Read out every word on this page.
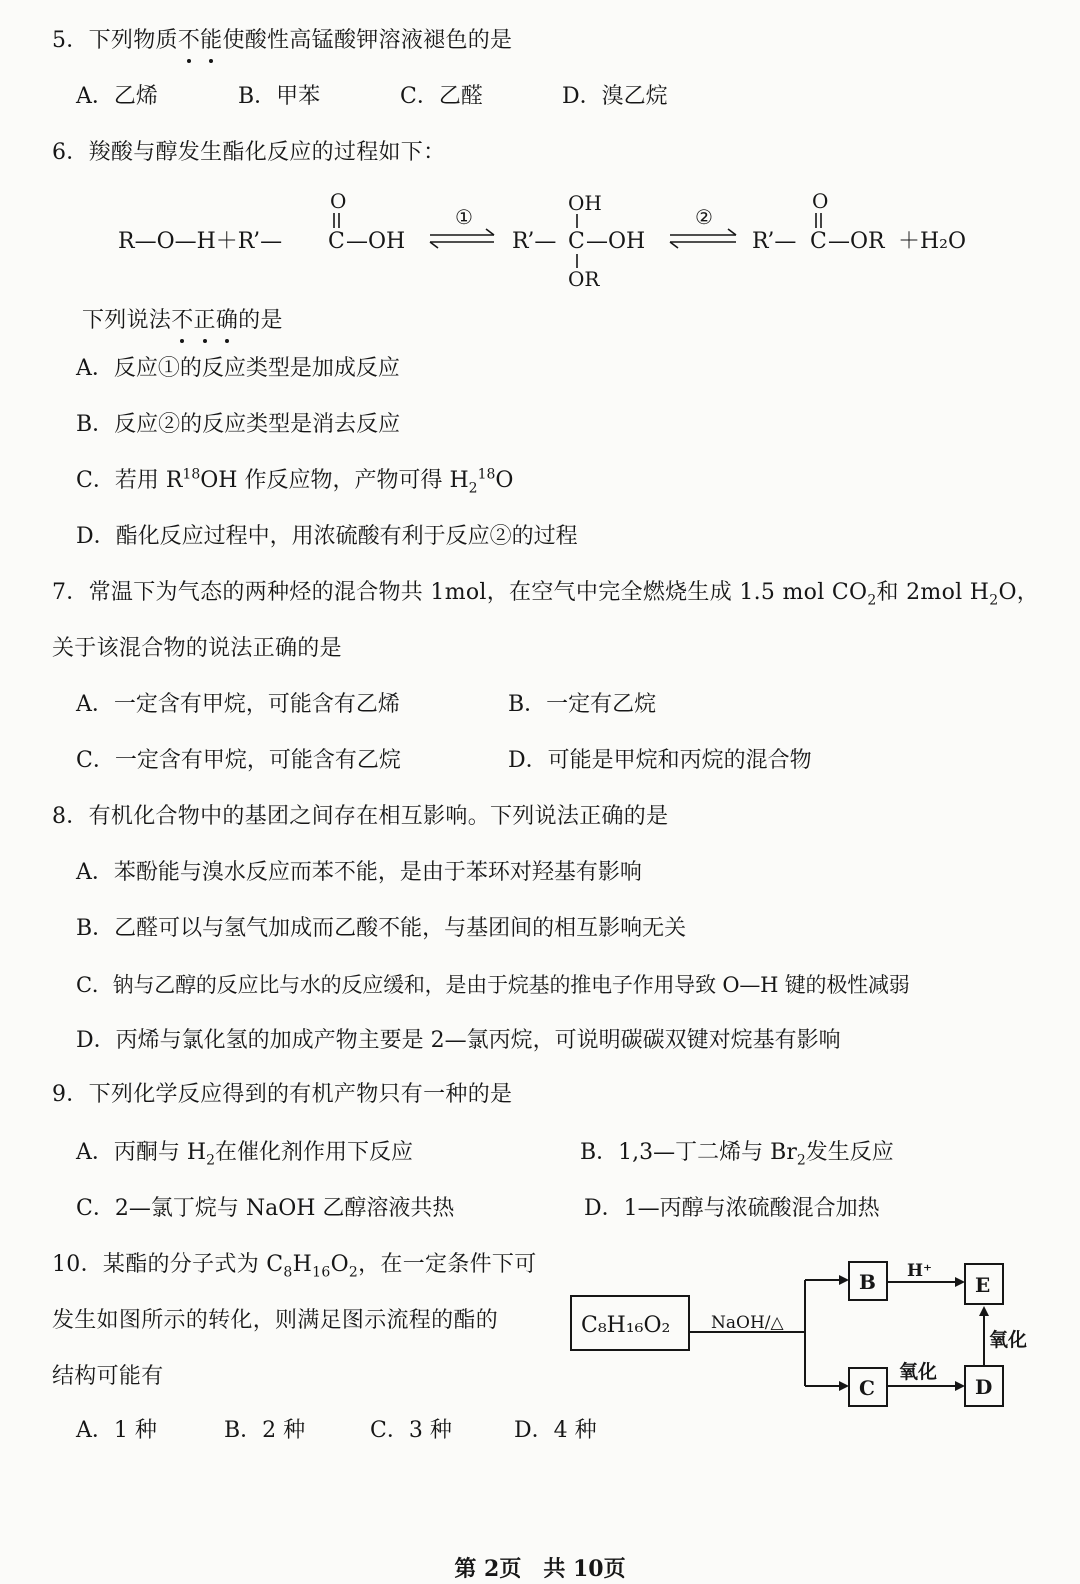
5．下列物质不能使酸性高锰酸钾溶液褪色的是
A．乙烯	B．甲苯	C．乙醛	D．溴乙烷
6．羧酸与醇发生酯化反应的过程如下：
R—O—H＋R’—
O
C —OH
①
R’—
OH
C —OH
OR
②
R’—
O
C —OR ＋H₂O
下列说法不正确的是
A．反应①的反应类型是加成反应
B．反应②的反应类型是消去反应
C．若用 $R^{18}OH$ 作反应物，产物可得 $H_2^{18}O$
D．酯化反应过程中，用浓硫酸有利于反应②的过程
7．常温下为气态的两种烃的混合物共 1mol，在空气中完全燃烧生成 1.5 mol $CO_2$和 2mol $H_2O$，
关于该混合物的说法正确的是
A．一定含有甲烷，可能含有乙烯	B．一定有乙烷
C．一定含有甲烷，可能含有乙烷	D．可能是甲烷和丙烷的混合物
8．有机化合物中的基团之间存在相互影响。下列说法正确的是
A．苯酚能与溴水反应而苯不能，是由于苯环对羟基有影响
B．乙醛可以与氢气加成而乙酸不能，与基团间的相互影响无关
C．钠与乙醇的反应比与水的反应缓和，是由于烷基的推电子作用导致 O—H 键的极性减弱
D．丙烯与氯化氢的加成产物主要是 2—氯丙烷，可说明碳碳双键对烷基有影响
9．下列化学反应得到的有机产物只有一种的是
A．丙酮与 $H_2$在催化剂作用下反应	B．1,3—丁二烯与 $Br_2$发生反应
C．2—氯丁烷与 NaOH 乙醇溶液共热	D．1—丙醇与浓硫酸混合加热
10．某酯的分子式为 $C_8H_{16}O_2$，在一定条件下可
发生如图所示的转化，则满足图示流程的酯的
结构可能有
C₈H₁₆O₂ NaOH/△
B
C
H⁺
氧化
E
D
氧化
A．1 种	B．2 种	C．3 种	D．4 种
第 2页　共 10页
